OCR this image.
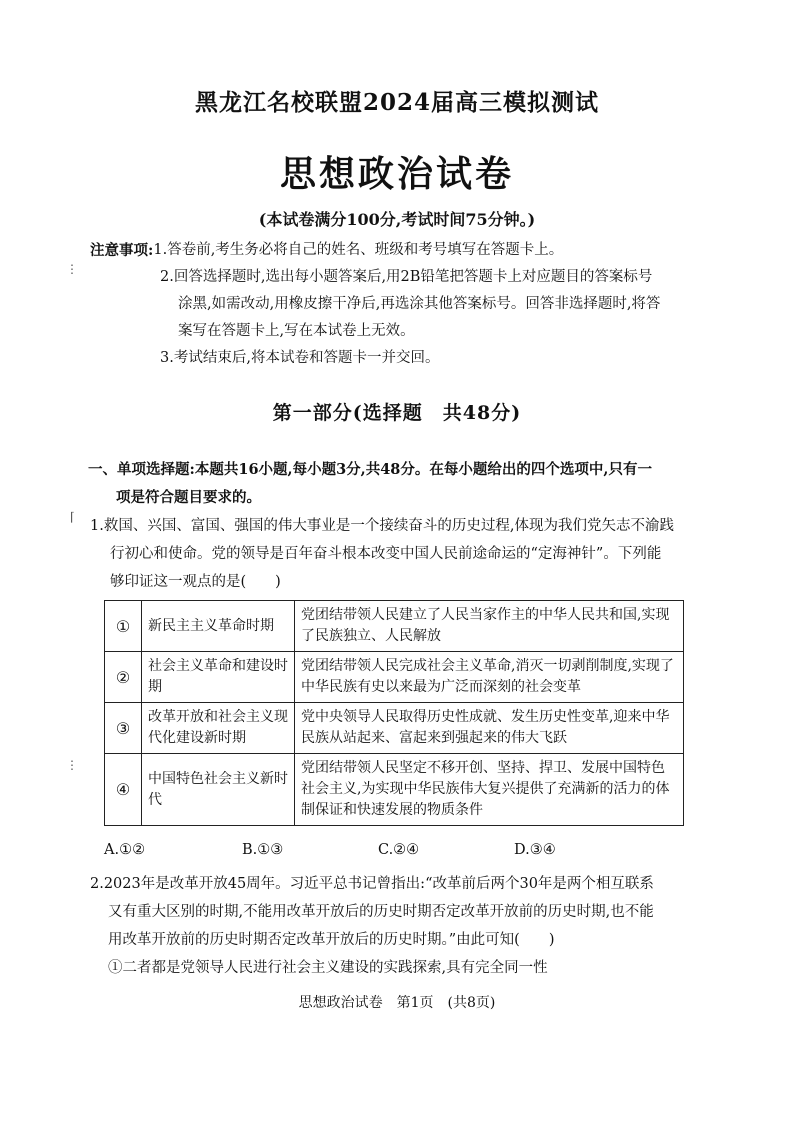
黑龙江名校联盟2024届高三模拟测试
思想政治试卷
(本试卷满分100分,考试时间75分钟。)
注意事项: 1.答卷前,考生务必将自己的姓名、班级和考号填写在答题卡上。
2.回答选择题时,选出每小题答案后,用2B铅笔把答题卡上对应题目的答案标号
涂黑,如需改动,用橡皮擦干净后,再选涂其他答案标号。回答非选择题时,将答
案写在答题卡上,写在本试卷上无效。
3.考试结束后,将本试卷和答题卡一并交回。
第一部分(选择题　共48分)
一、单项选择题:本题共16小题,每小题3分,共48分。在每小题给出的四个选项中,只有一
项是符合题目要求的。
1.救国、兴国、富国、强国的伟大事业是一个接续奋斗的历史过程,体现为我们党矢志不渝践
行初心和使命。党的领导是百年奋斗根本改变中国人民前途命运的“定海神针”。下列能
够印证这一观点的是(　　)
①	新民主主义革命时期	党团结带领人民建立了人民当家作主的中华人民共和国,实现了民族独立、人民解放
②	社会主义革命和建设时期	党团结带领人民完成社会主义革命,消灭一切剥削制度,实现了中华民族有史以来最为广泛而深刻的社会变革
③	改革开放和社会主义现代化建设新时期	党中央领导人民取得历史性成就、发生历史性变革,迎来中华民族从站起来、富起来到强起来的伟大飞跃
④	中国特色社会主义新时代	党团结带领人民坚定不移开创、坚持、捍卫、发展中国特色社会主义,为实现中华民族伟大复兴提供了充满新的活力的体制保证和快速发展的物质条件
A.①②	B.①③	C.②④	D.③④
2.2023年是改革开放45周年。习近平总书记曾指出:“改革前后两个30年是两个相互联系
又有重大区别的时期,不能用改革开放后的历史时期否定改革开放前的历史时期,也不能
用改革开放前的历史时期否定改革开放后的历史时期。”由此可知(　　)
①二者都是党领导人民进行社会主义建设的实践探索,具有完全同一性
思想政治试卷　第1页　(共8页)
⋮
⌈
⋮
